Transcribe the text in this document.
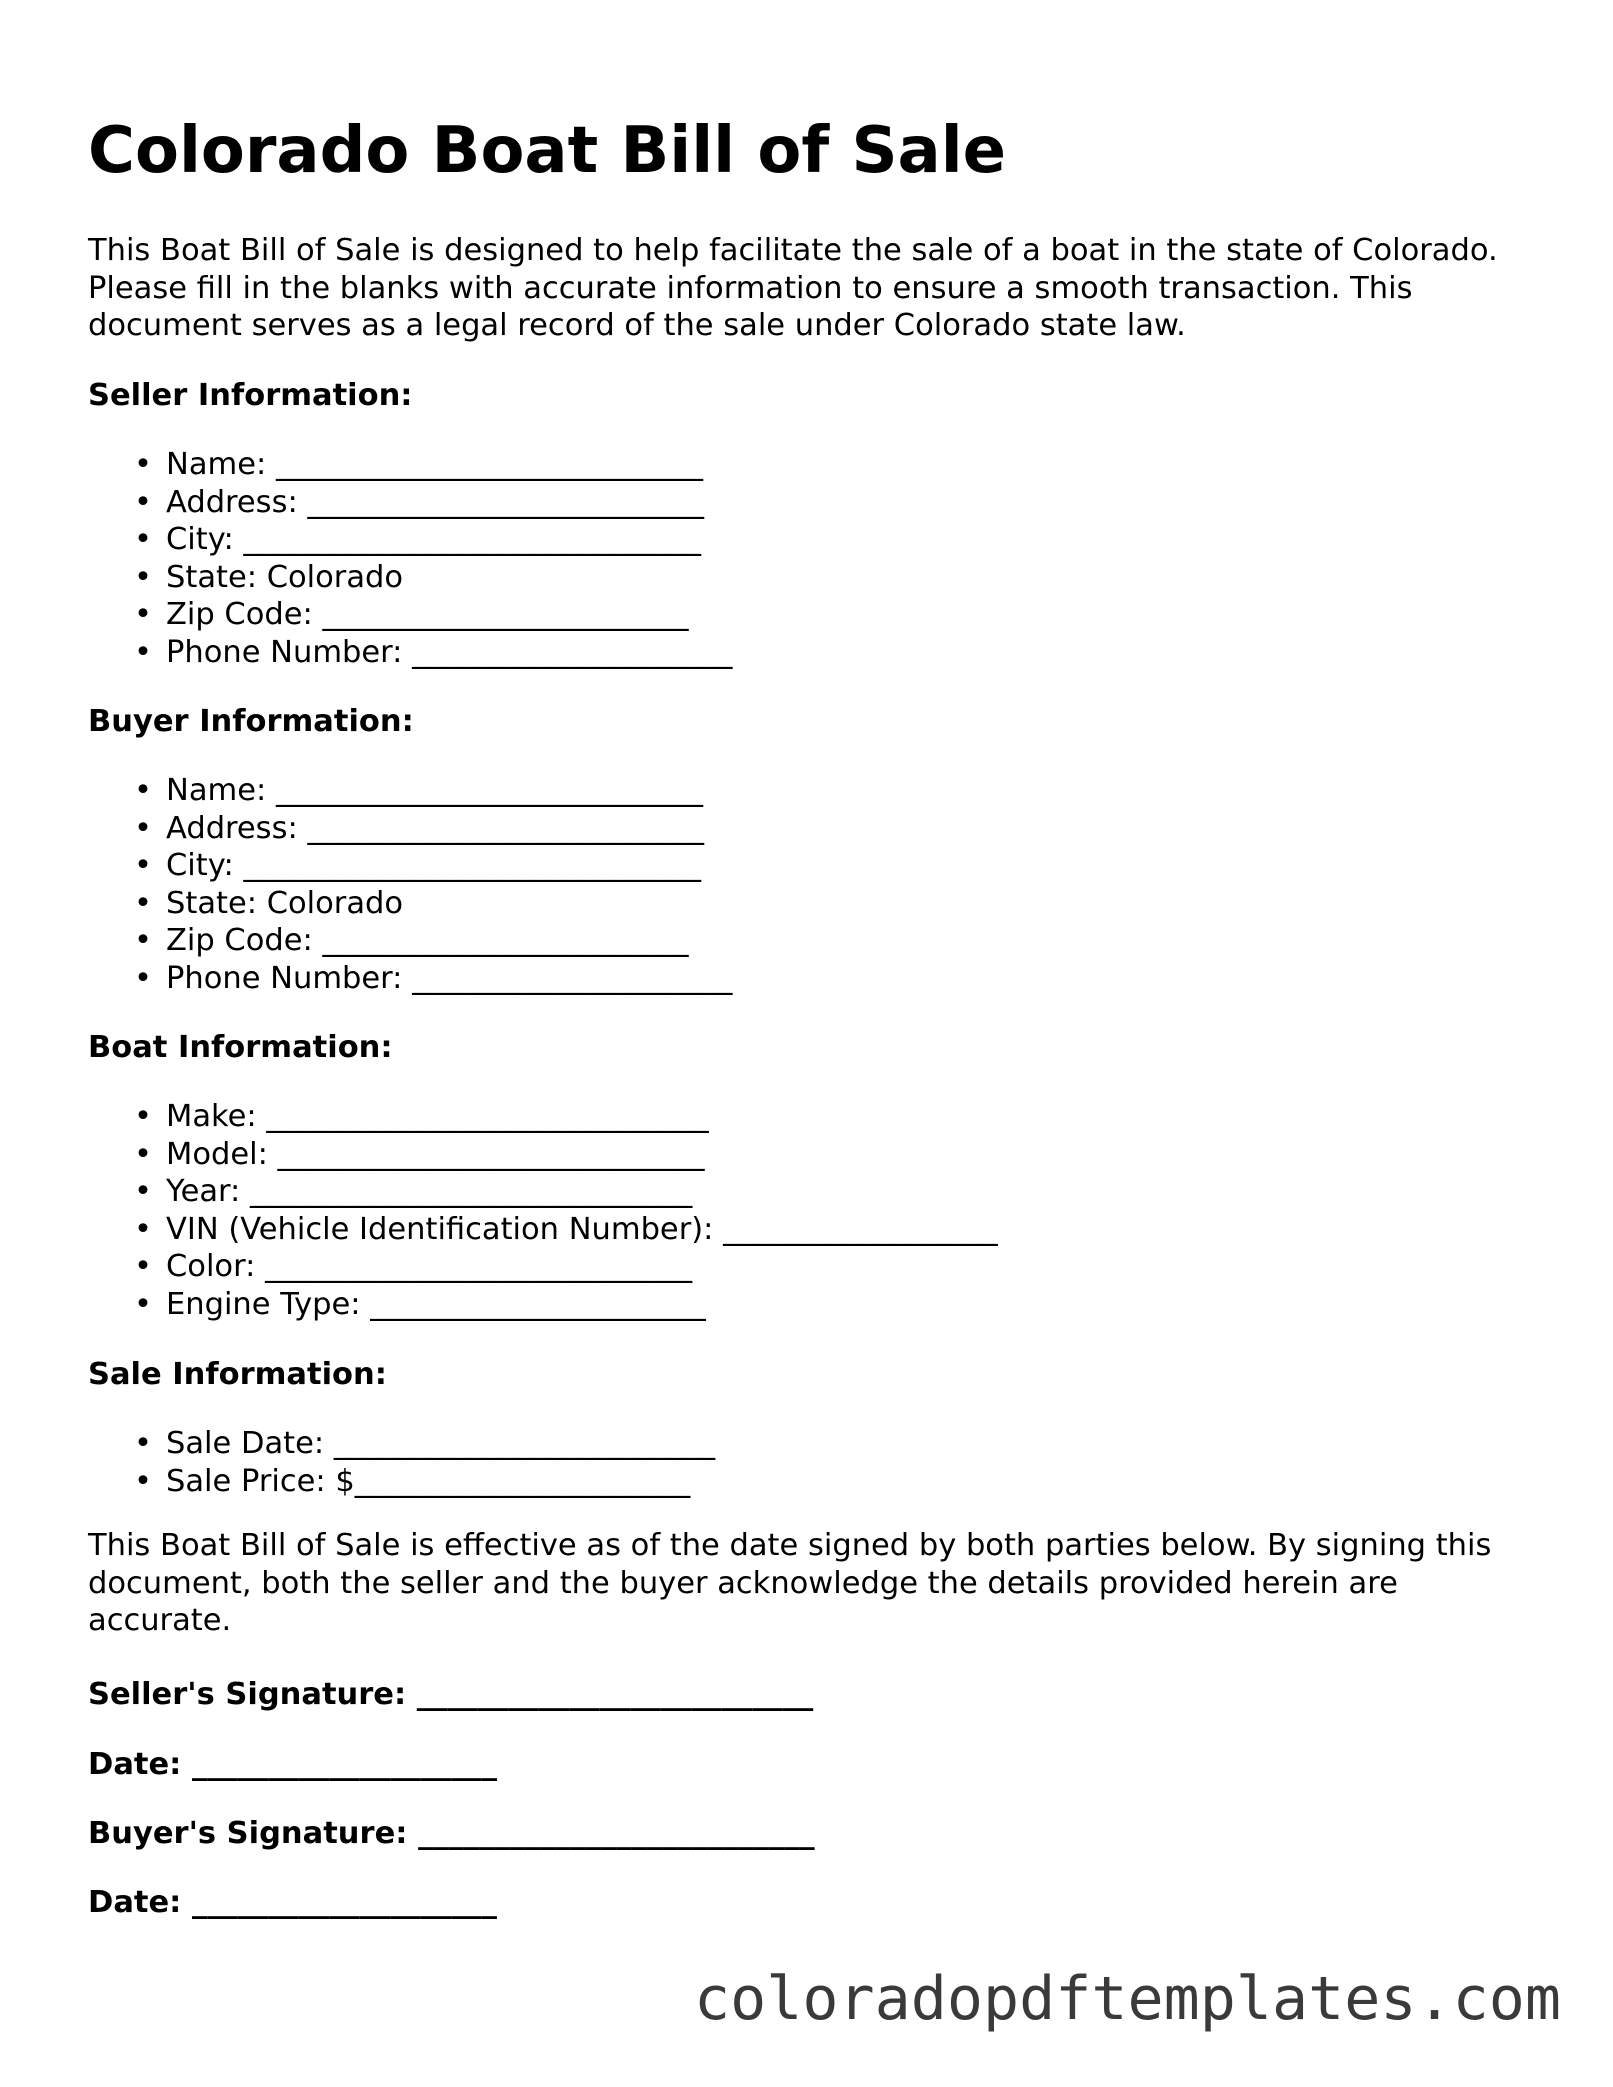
Colorado Boat Bill of Sale

This Boat Bill of Sale is designed to help facilitate the sale of a boat in the state of Colorado. Please fill in the blanks with accurate information to ensure a smooth transaction. This document serves as a legal record of the sale under Colorado state law.

Seller Information:

• Name: ____________________________
• Address: __________________________
• City: ______________________________
• State: Colorado
• Zip Code: ________________________
• Phone Number: _____________________

Buyer Information:

• Name: ____________________________
• Address: __________________________
• City: ______________________________
• State: Colorado
• Zip Code: ________________________
• Phone Number: _____________________

Boat Information:

• Make: _____________________________
• Model: ____________________________
• Year: _____________________________
• VIN (Vehicle Identification Number): __________________
• Color: ____________________________
• Engine Type: ______________________

Sale Information:

• Sale Date: _________________________
• Sale Price: $______________________

This Boat Bill of Sale is effective as of the date signed by both parties below. By signing this document, both the seller and the buyer acknowledge the details provided herein are accurate.

Seller's Signature: __________________________

Date: ____________________

Buyer's Signature: __________________________

Date: ____________________

coloradopdftemplates.com
